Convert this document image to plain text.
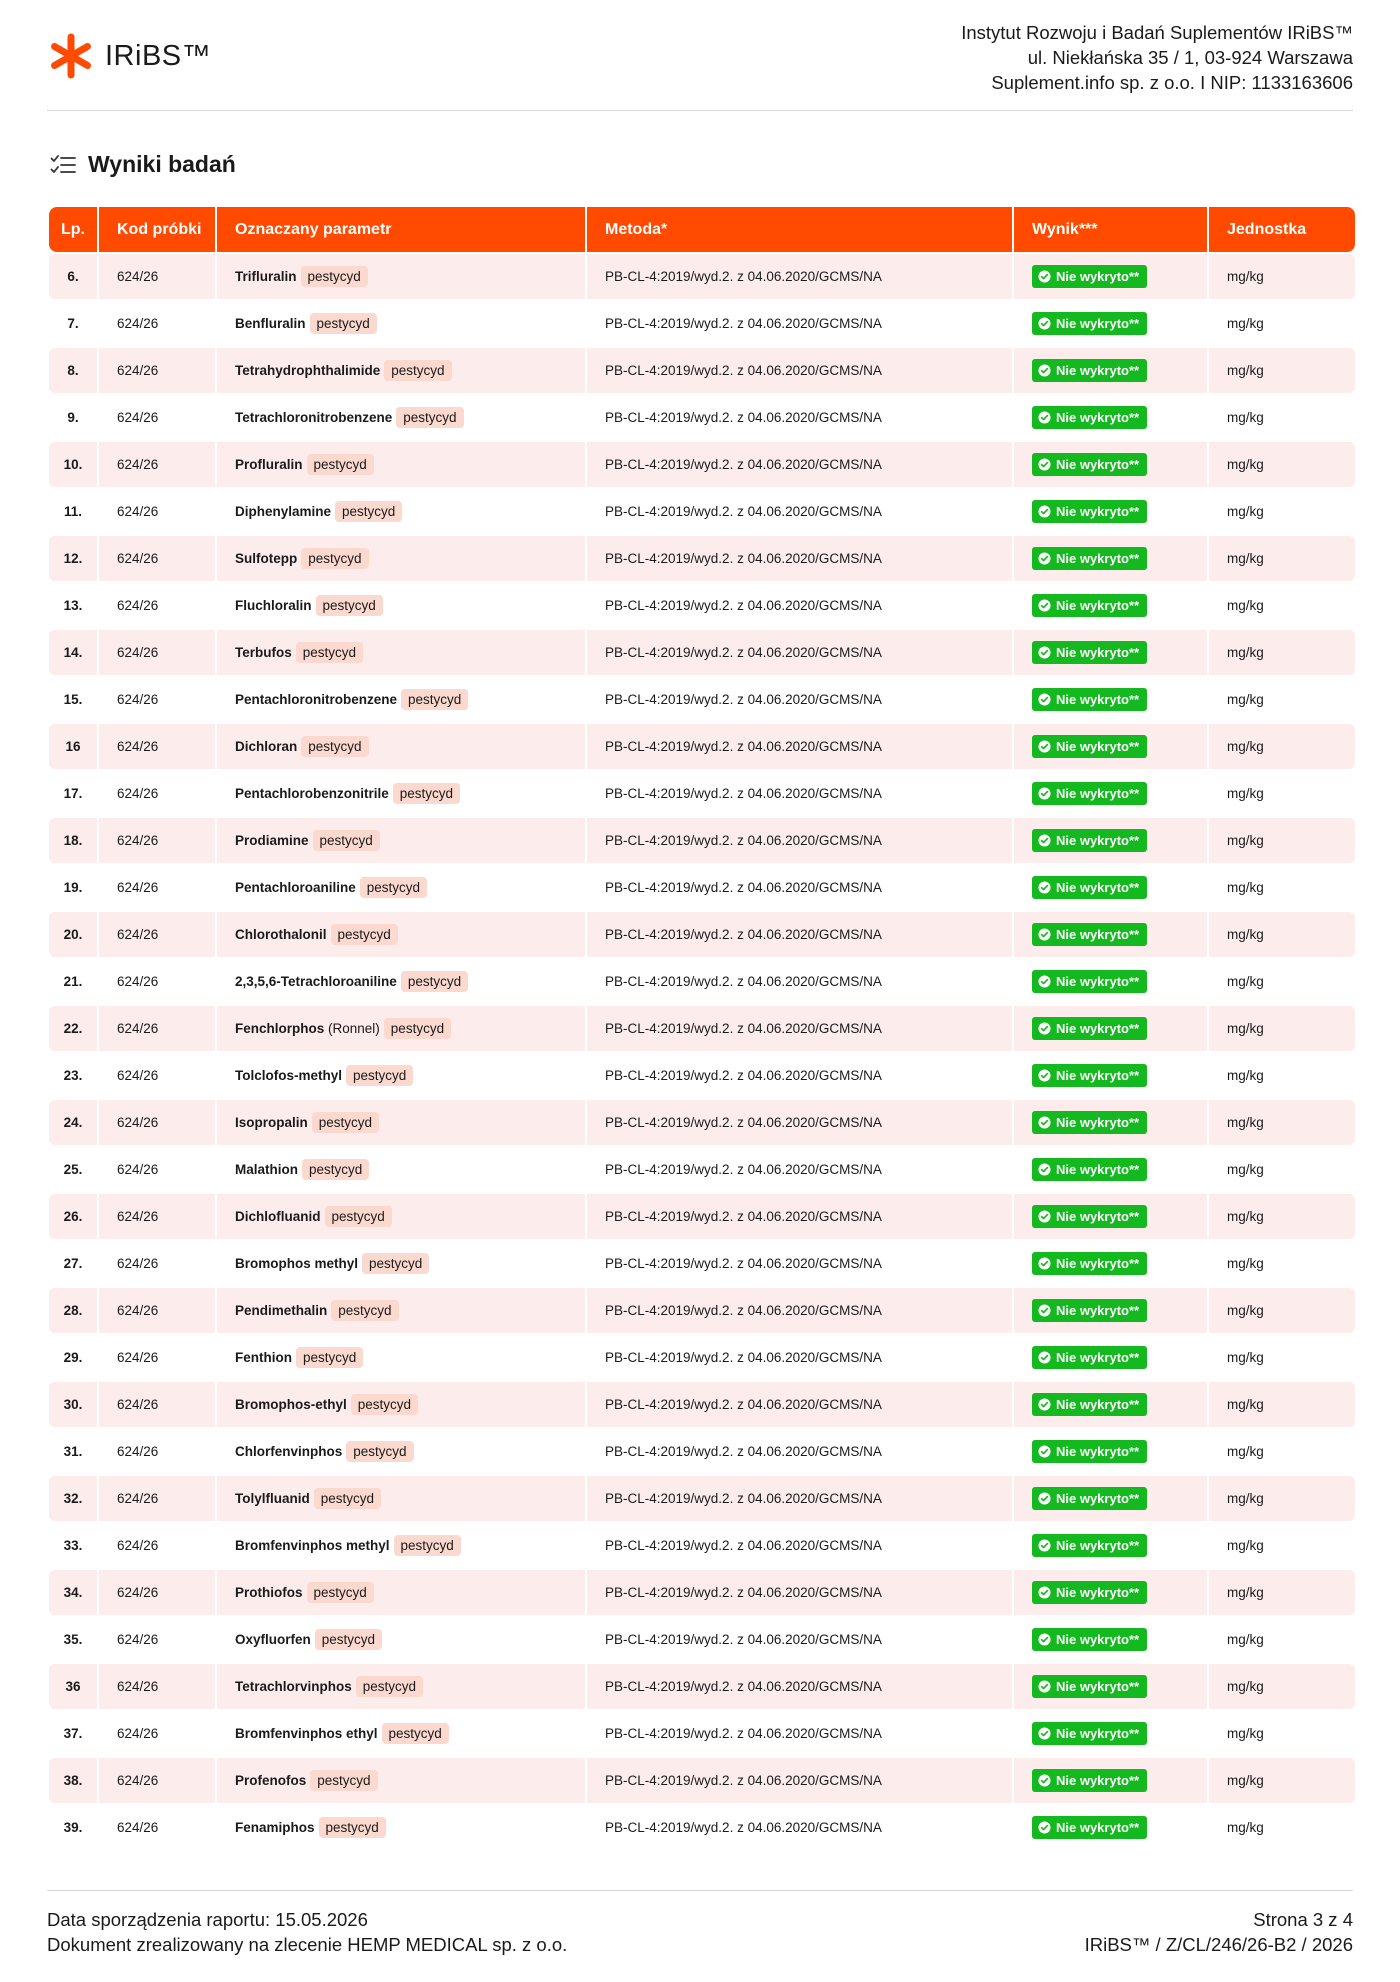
IRiBS™
Instytut Rozwoju i Badań Suplementów IRiBS™
ul. Niekłańska 35 / 1, 03-924 Warszawa
Suplement.info sp. z o.o. I NIP: 1133163606
Wyniki badań
Lp.	Kod próbki	Oznaczany parametr	Metoda*	Wynik***	Jednostka
6.	624/26	Trifluralin pestycyd	PB-CL-4:2019/wyd.2. z 04.06.2020/GCMS/NA	Nie wykryto**	mg/kg
7.	624/26	Benfluralin pestycyd	PB-CL-4:2019/wyd.2. z 04.06.2020/GCMS/NA	Nie wykryto**	mg/kg
8.	624/26	Tetrahydrophthalimide pestycyd	PB-CL-4:2019/wyd.2. z 04.06.2020/GCMS/NA	Nie wykryto**	mg/kg
9.	624/26	Tetrachloronitrobenzene pestycyd	PB-CL-4:2019/wyd.2. z 04.06.2020/GCMS/NA	Nie wykryto**	mg/kg
10.	624/26	Profluralin pestycyd	PB-CL-4:2019/wyd.2. z 04.06.2020/GCMS/NA	Nie wykryto**	mg/kg
11.	624/26	Diphenylamine pestycyd	PB-CL-4:2019/wyd.2. z 04.06.2020/GCMS/NA	Nie wykryto**	mg/kg
12.	624/26	Sulfotepp pestycyd	PB-CL-4:2019/wyd.2. z 04.06.2020/GCMS/NA	Nie wykryto**	mg/kg
13.	624/26	Fluchloralin pestycyd	PB-CL-4:2019/wyd.2. z 04.06.2020/GCMS/NA	Nie wykryto**	mg/kg
14.	624/26	Terbufos pestycyd	PB-CL-4:2019/wyd.2. z 04.06.2020/GCMS/NA	Nie wykryto**	mg/kg
15.	624/26	Pentachloronitrobenzene pestycyd	PB-CL-4:2019/wyd.2. z 04.06.2020/GCMS/NA	Nie wykryto**	mg/kg
16	624/26	Dichloran pestycyd	PB-CL-4:2019/wyd.2. z 04.06.2020/GCMS/NA	Nie wykryto**	mg/kg
17.	624/26	Pentachlorobenzonitrile pestycyd	PB-CL-4:2019/wyd.2. z 04.06.2020/GCMS/NA	Nie wykryto**	mg/kg
18.	624/26	Prodiamine pestycyd	PB-CL-4:2019/wyd.2. z 04.06.2020/GCMS/NA	Nie wykryto**	mg/kg
19.	624/26	Pentachloroaniline pestycyd	PB-CL-4:2019/wyd.2. z 04.06.2020/GCMS/NA	Nie wykryto**	mg/kg
20.	624/26	Chlorothalonil pestycyd	PB-CL-4:2019/wyd.2. z 04.06.2020/GCMS/NA	Nie wykryto**	mg/kg
21.	624/26	2,3,5,6-Tetrachloroaniline pestycyd	PB-CL-4:2019/wyd.2. z 04.06.2020/GCMS/NA	Nie wykryto**	mg/kg
22.	624/26	Fenchlorphos (Ronnel) pestycyd	PB-CL-4:2019/wyd.2. z 04.06.2020/GCMS/NA	Nie wykryto**	mg/kg
23.	624/26	Tolclofos-methyl pestycyd	PB-CL-4:2019/wyd.2. z 04.06.2020/GCMS/NA	Nie wykryto**	mg/kg
24.	624/26	Isopropalin pestycyd	PB-CL-4:2019/wyd.2. z 04.06.2020/GCMS/NA	Nie wykryto**	mg/kg
25.	624/26	Malathion pestycyd	PB-CL-4:2019/wyd.2. z 04.06.2020/GCMS/NA	Nie wykryto**	mg/kg
26.	624/26	Dichlofluanid pestycyd	PB-CL-4:2019/wyd.2. z 04.06.2020/GCMS/NA	Nie wykryto**	mg/kg
27.	624/26	Bromophos methyl pestycyd	PB-CL-4:2019/wyd.2. z 04.06.2020/GCMS/NA	Nie wykryto**	mg/kg
28.	624/26	Pendimethalin pestycyd	PB-CL-4:2019/wyd.2. z 04.06.2020/GCMS/NA	Nie wykryto**	mg/kg
29.	624/26	Fenthion pestycyd	PB-CL-4:2019/wyd.2. z 04.06.2020/GCMS/NA	Nie wykryto**	mg/kg
30.	624/26	Bromophos-ethyl pestycyd	PB-CL-4:2019/wyd.2. z 04.06.2020/GCMS/NA	Nie wykryto**	mg/kg
31.	624/26	Chlorfenvinphos pestycyd	PB-CL-4:2019/wyd.2. z 04.06.2020/GCMS/NA	Nie wykryto**	mg/kg
32.	624/26	Tolylfluanid pestycyd	PB-CL-4:2019/wyd.2. z 04.06.2020/GCMS/NA	Nie wykryto**	mg/kg
33.	624/26	Bromfenvinphos methyl pestycyd	PB-CL-4:2019/wyd.2. z 04.06.2020/GCMS/NA	Nie wykryto**	mg/kg
34.	624/26	Prothiofos pestycyd	PB-CL-4:2019/wyd.2. z 04.06.2020/GCMS/NA	Nie wykryto**	mg/kg
35.	624/26	Oxyfluorfen pestycyd	PB-CL-4:2019/wyd.2. z 04.06.2020/GCMS/NA	Nie wykryto**	mg/kg
36	624/26	Tetrachlorvinphos pestycyd	PB-CL-4:2019/wyd.2. z 04.06.2020/GCMS/NA	Nie wykryto**	mg/kg
37.	624/26	Bromfenvinphos ethyl pestycyd	PB-CL-4:2019/wyd.2. z 04.06.2020/GCMS/NA	Nie wykryto**	mg/kg
38.	624/26	Profenofos pestycyd	PB-CL-4:2019/wyd.2. z 04.06.2020/GCMS/NA	Nie wykryto**	mg/kg
39.	624/26	Fenamiphos pestycyd	PB-CL-4:2019/wyd.2. z 04.06.2020/GCMS/NA	Nie wykryto**	mg/kg
Data sporządzenia raportu: 15.05.2026
Dokument zrealizowany na zlecenie HEMP MEDICAL sp. z o.o.
Strona 3 z 4
IRiBS™ / Z/CL/246/26-B2 / 2026
